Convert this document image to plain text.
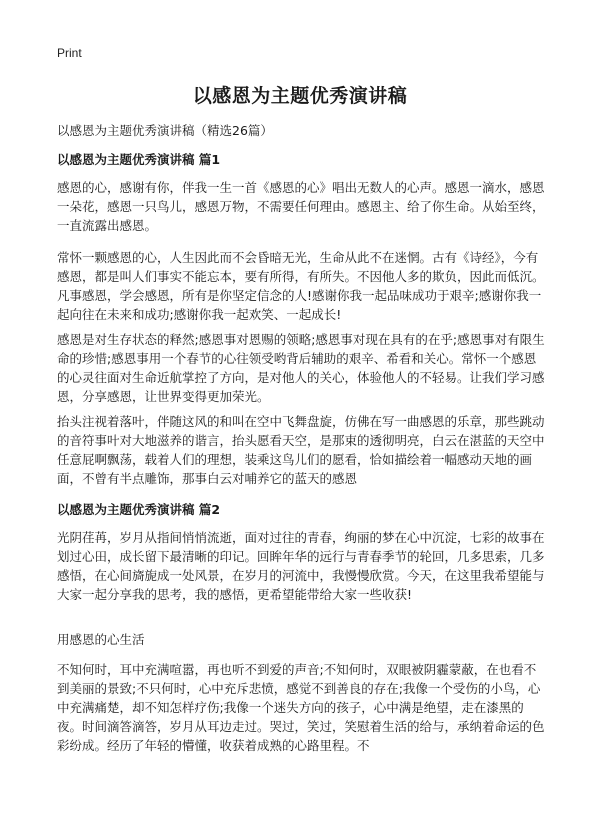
Print
以感恩为主题优秀演讲稿
以感恩为主题优秀演讲稿（精选26篇）
以感恩为主题优秀演讲稿 篇1

感恩的心，感谢有你，伴我一生一首《感恩的心》唱出无数人的心声。感恩一滴水，感恩一朵花，感恩一只鸟儿，感恩万物，不需要任何理由。感恩主、给了你生命。从始至终，一直流露出感恩。

常怀一颗感恩的心，人生因此而不会昏暗无光，生命从此不在迷惘。古有《诗经》，今有感恩，都是叫人们事实不能忘本，要有所得，有所失。不因他人多的欺负，因此而低沉。凡事感恩，学会感恩，所有是你坚定信念的人!感谢你我一起品味成功于艰辛;感谢你我一起向往在未来和成功;感谢你我一起欢笑、一起成长!

感恩是对生存状态的释然;感恩事对恩赐的领略;感恩事对现在具有的在乎;感恩事对有限生命的珍惜;感恩事用一个春节的心往领受哟背后辅助的艰辛、希看和关心。常怀一个感恩的心灵往面对生命近航掌控了方向，是对他人的关心，体验他人的不轻易。让我们学习感恩，分享感恩，让世界变得更加荣光。

抬头注视着落叶，伴随这风的和叫在空中飞舞盘旋，仿佛在写一曲感恩的乐章，那些跳动的音符事叶对大地滋养的谐言，抬头愿看天空，是那束的透彻明亮，白云在湛蓝的天空中任意屁啊飘荡，载着人们的理想，装乘这鸟儿们的愿看，恰如描绘着一幅感动天地的画面，不曾有半点雕饰，那事白云对哺养它的蓝天的感恩

以感恩为主题优秀演讲稿 篇2

光阴荏苒，岁月从指间悄悄流逝，面对过往的青春，绚丽的梦在心中沉淀，七彩的故事在划过心田，成长留下最清晰的印记。回眸年华的远行与青春季节的轮回，几多思索，几多感悟，在心间旖旎成一处风景，在岁月的河流中，我慢慢欣赏。今天，在这里我希望能与大家一起分享我的思考，我的感悟，更希望能带给大家一些收获!

用感恩的心生活

不知何时，耳中充满喧嚣，再也听不到爱的声音;不知何时，双眼被阴霾蒙蔽，在也看不到美丽的景致;不只何时，心中充斥悲愤，感觉不到善良的存在;我像一个受伤的小鸟，心中充满痛楚，却不知怎样疗伤;我像一个迷失方向的孩子，心中满是绝望，走在漆黑的夜。时间滴答滴答，岁月从耳边走过。哭过，笑过，笑慰着生活的给与，承纳着命运的色彩纷成。经历了年轻的懵懂，收获着成熟的心路里程。不
